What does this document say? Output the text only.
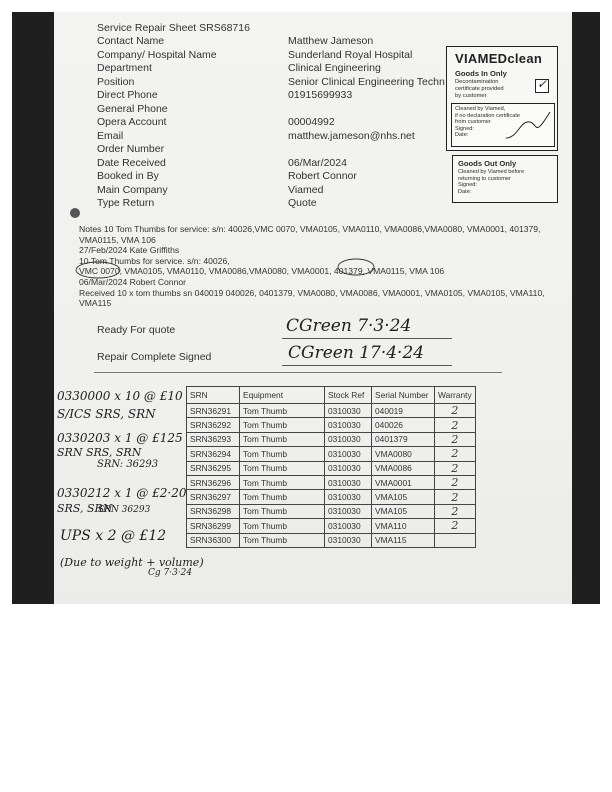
Service Repair Sheet SRS68716
Contact Name	Matthew Jameson
Company/ Hospital Name	Sunderland Royal Hospital
Department	Clinical Engineering
Position	Senior Clinical Engineering Techn
Direct Phone	01915699933
General Phone
Opera Account	00004992
Email	matthew.jameson@nhs.net
Order Number
Date Received	06/Mar/2024
Booked in By	Robert Connor
Main Company	Viamed
Type Return	Quote
VIAMEDclean
Goods In Only
Decontamination
certificate provided
by customer
✓
Cleaned by Viamed,
if no declaration certificate
from customer
Signed:
Date:
Goods Out Only
Cleaned by Viamed before
returning to customer
Signed:
Date:
Notes 10 Tom Thumbs for service: s/n: 40026,VMC 0070, VMA0105, VMA0110, VMA0086,VMA0080, VMA0001, 401379,
VMA0115, VMA 106
27/Feb/2024 Kate Griffiths
10 Tom Thumbs for service. s/n: 40026,
VMC 0070, VMA0105, VMA0110, VMA0086,VMA0080, VMA0001, 401379, VMA0115, VMA 106
06/Mar/2024 Robert Connor
Received 10 x tom thumbs sn 040019 040026, 0401379, VMA0080, VMA0086, VMA0001, VMA0105, VMA0105, VMA110,
VMA115
Ready For quote	CGreen 7·3·24
Repair Complete Signed	CGreen 17·4·24
0330000 x 10 @ £10
S/ICS SRS, SRN
0330203 x 1 @ £125
SRN SRS, SRN
SRN: 36293
0330212 x 1 @ £2·20
SRS, SRN
SRN 36293
UPS x 2 @ £12
(Due to weight + volume)
Cg 7·3·24
SRN	Equipment	Stock Ref	Serial Number	Warranty
SRN36291	Tom Thumb	0310030	040019	2
SRN36292	Tom Thumb	0310030	040026	2
SRN36293	Tom Thumb	0310030	0401379	2
SRN36294	Tom Thumb	0310030	VMA0080	2
SRN36295	Tom Thumb	0310030	VMA0086	2
SRN36296	Tom Thumb	0310030	VMA0001	2
SRN36297	Tom Thumb	0310030	VMA105	2
SRN36298	Tom Thumb	0310030	VMA105	2
SRN36299	Tom Thumb	0310030	VMA110	2
SRN36300	Tom Thumb	0310030	VMA115	
